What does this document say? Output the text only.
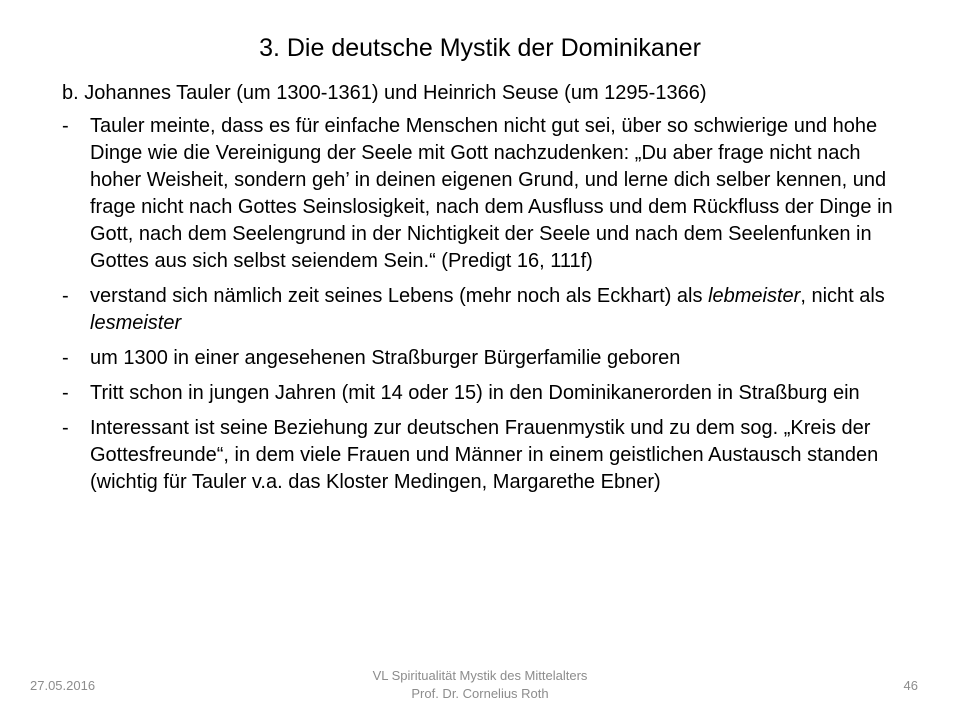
3. Die deutsche Mystik der Dominikaner
b. Johannes Tauler (um 1300-1361) und Heinrich Seuse (um 1295-1366)
-	Tauler meinte, dass es für einfache Menschen nicht gut sei, über so schwierige und hohe Dinge wie die Vereinigung der Seele mit Gott nachzudenken: „Du aber frage nicht nach hoher Weisheit, sondern geh’ in deinen eigenen Grund, und lerne dich selber kennen, und frage nicht nach Gottes Seinslosigkeit, nach dem Ausfluss und dem Rückfluss der Dinge in Gott, nach dem Seelengrund in der Nichtigkeit der Seele und nach dem Seelenfunken in Gottes aus sich selbst seiendem Sein.“ (Predigt 16, 111f)
-	verstand sich nämlich zeit seines Lebens (mehr noch als Eckhart) als lebmeister, nicht als lesmeister
-	um 1300 in einer angesehenen Straßburger Bürgerfamilie geboren
-	Tritt schon in jungen Jahren (mit 14 oder 15) in den Dominikanerorden in Straßburg ein
-	Interessant ist seine Beziehung zur deutschen Frauenmystik und zu dem sog. „Kreis der Gottesfreunde“, in dem viele Frauen und Männer in einem geistlichen Austausch standen (wichtig für Tauler v.a. das Kloster Medingen, Margarethe Ebner)
27.05.2016
VL Spiritualität Mystik des Mittelalters
Prof. Dr. Cornelius Roth
46
